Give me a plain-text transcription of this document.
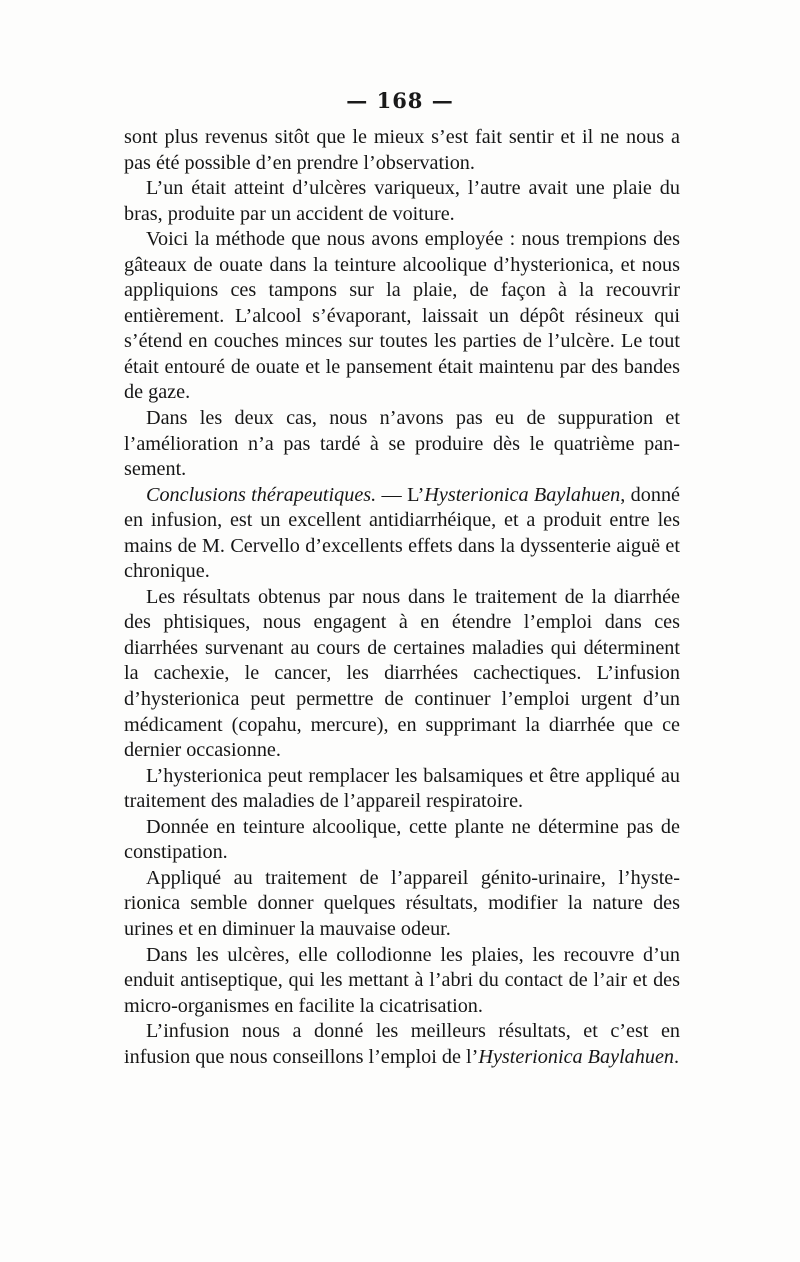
— 168 —

sont plus revenus sitôt que le mieux s’est fait sentir et il ne nous a pas été possible d’en prendre l’observation.

L’un était atteint d’ulcères variqueux, l’autre avait une plaie du bras, produite par un accident de voiture.

Voici la méthode que nous avons employée : nous trempions des gâteaux de ouate dans la teinture alcoolique d’hysterionica, et nous appliquions ces tampons sur la plaie, de façon à la recouvrir entièrement. L’alcool s’évaporant, laissait un dépôt résineux qui s’étend en couches minces sur toutes les parties de l’ulcère. Le tout était entouré de ouate et le pansement était maintenu par des bandes de gaze.

Dans les deux cas, nous n’avons pas eu de suppuration et l’amélioration n’a pas tardé à se produire dès le quatrième pansement.

Conclusions thérapeutiques. — L’Hysterionica Baylahuen, donné en infusion, est un excellent antidiarrhéique, et a produit entre les mains de M. Cervello d’excellents effets dans la dyssenterie aiguë et chronique.

Les résultats obtenus par nous dans le traitement de la diarrhée des phtisiques, nous engagent à en étendre l’emploi dans ces diarrhées survenant au cours de certaines maladies qui déterminent la cachexie, le cancer, les diarrhées cachectiques. L’infusion d’hysterionica peut permettre de continuer l’emploi urgent d’un médicament (copahu, mercure), en supprimant la diarrhée que ce dernier occasionne.

L’hysterionica peut remplacer les balsamiques et être appliqué au traitement des maladies de l’appareil respiratoire.

Donnée en teinture alcoolique, cette plante ne détermine pas de constipation.

Appliqué au traitement de l’appareil génito-urinaire, l’hysterionica semble donner quelques résultats, modifier la nature des urines et en diminuer la mauvaise odeur.

Dans les ulcères, elle collodionne les plaies, les recouvre d’un enduit antiseptique, qui les mettant à l’abri du contact de l’air et des micro-organismes en facilite la cicatrisation.

L’infusion nous a donné les meilleurs résultats, et c’est en infusion que nous conseillons l’emploi de l’Hysterionica Baylahuen.
